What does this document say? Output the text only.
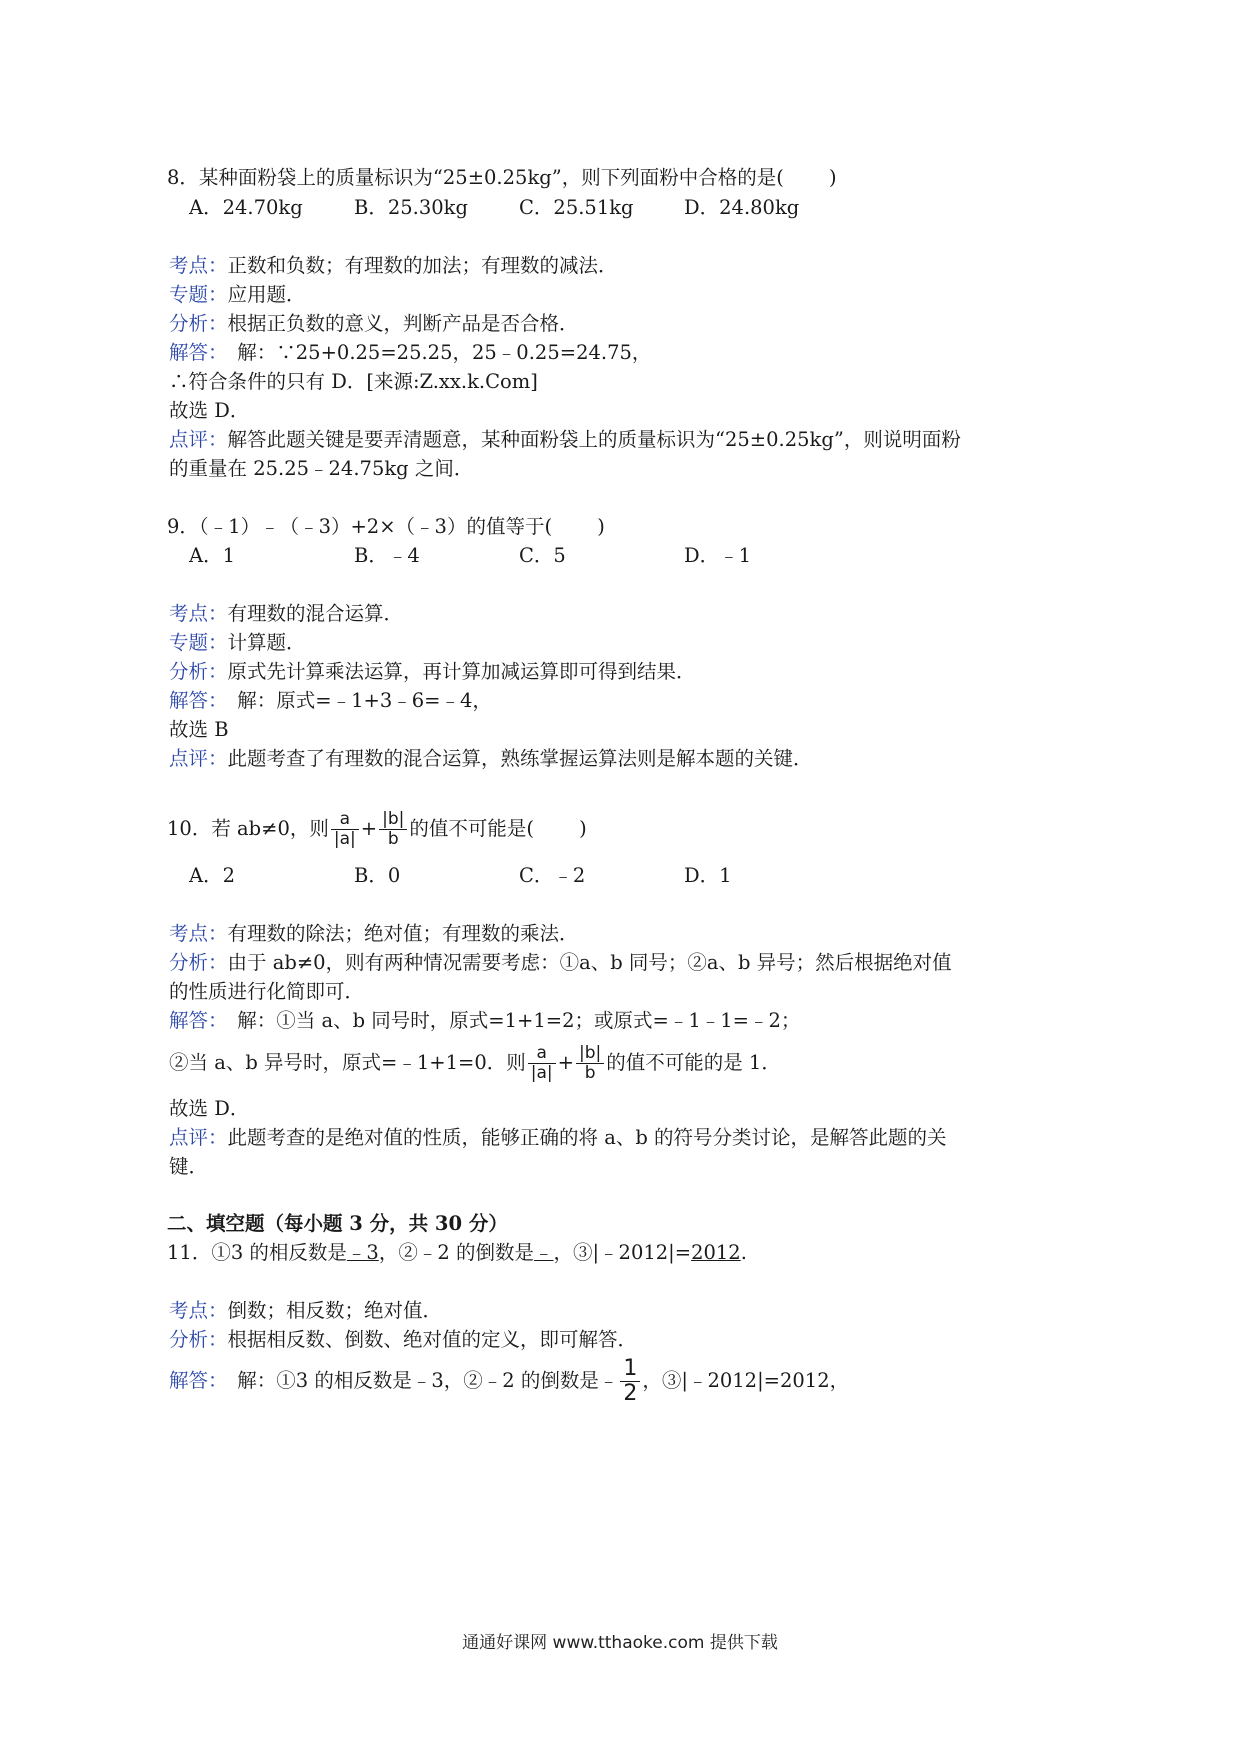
8．某种面粉袋上的质量标识为“25±0.25kg”，则下列面粉中合格的是(　　 )
A．24.70kg	B．25.30kg	C．25.51kg	D．24.80kg
考点：正数和负数；有理数的加法；有理数的减法．
专题：应用题．
分析：根据正负数的意义，判断产品是否合格．
解答：　解：∵25+0.25=25.25，25﹣0.25=24.75，
∴符合条件的只有 D．[来源:Z.xx.k.Com]
故选 D．
点评：解答此题关键是要弄清题意，某种面粉袋上的质量标识为“25±0.25kg”，则说明面粉
的重量在 25.25﹣24.75kg 之间．
9．（﹣1）﹣（﹣3）+2×（﹣3）的值等于(　　 )
A．1	B．﹣4	C．5	D．﹣1
考点：有理数的混合运算．
专题：计算题．
分析：原式先计算乘法运算，再计算加减运算即可得到结果．
解答：　解：原式=﹣1+3﹣6=﹣4，
故选 B
点评：此题考查了有理数的混合运算，熟练掌握运算法则是解本题的关键．
10．若 ab≠0，则 $\frac{a}{|a|} + \frac{|b|}{b}$ 的值不可能是(　　 )
A．2	B．0	C．﹣2	D．1
考点：有理数的除法；绝对值；有理数的乘法．
分析：由于 ab≠0，则有两种情况需要考虑：①a、b 同号；②a、b 异号；然后根据绝对值
的性质进行化简即可．
解答：　解：①当 a、b 同号时，原式=1+1=2；或原式=﹣1﹣1=﹣2；
②当 a、b 异号时，原式=﹣1+1=0．则 $\frac{a}{|a|} + \frac{|b|}{b}$ 的值不可能的是 1．
故选 D．
点评：此题考查的是绝对值的性质，能够正确的将 a、b 的符号分类讨论，是解答此题的关
键．
二、填空题（每小题 3 分，共 30 分）
11．①3 的相反数是﹣3，②﹣2 的倒数是﹣，③|﹣2012|=2012.
考点：倒数；相反数；绝对值．
分析：根据相反数、倒数、绝对值的定义，即可解答．
解答：　解：①3 的相反数是﹣3，②﹣2 的倒数是﹣ $\frac{1}{2}$ ，③|﹣2012|=2012，
通通好课网 www.tthaoke.com 提供下载
